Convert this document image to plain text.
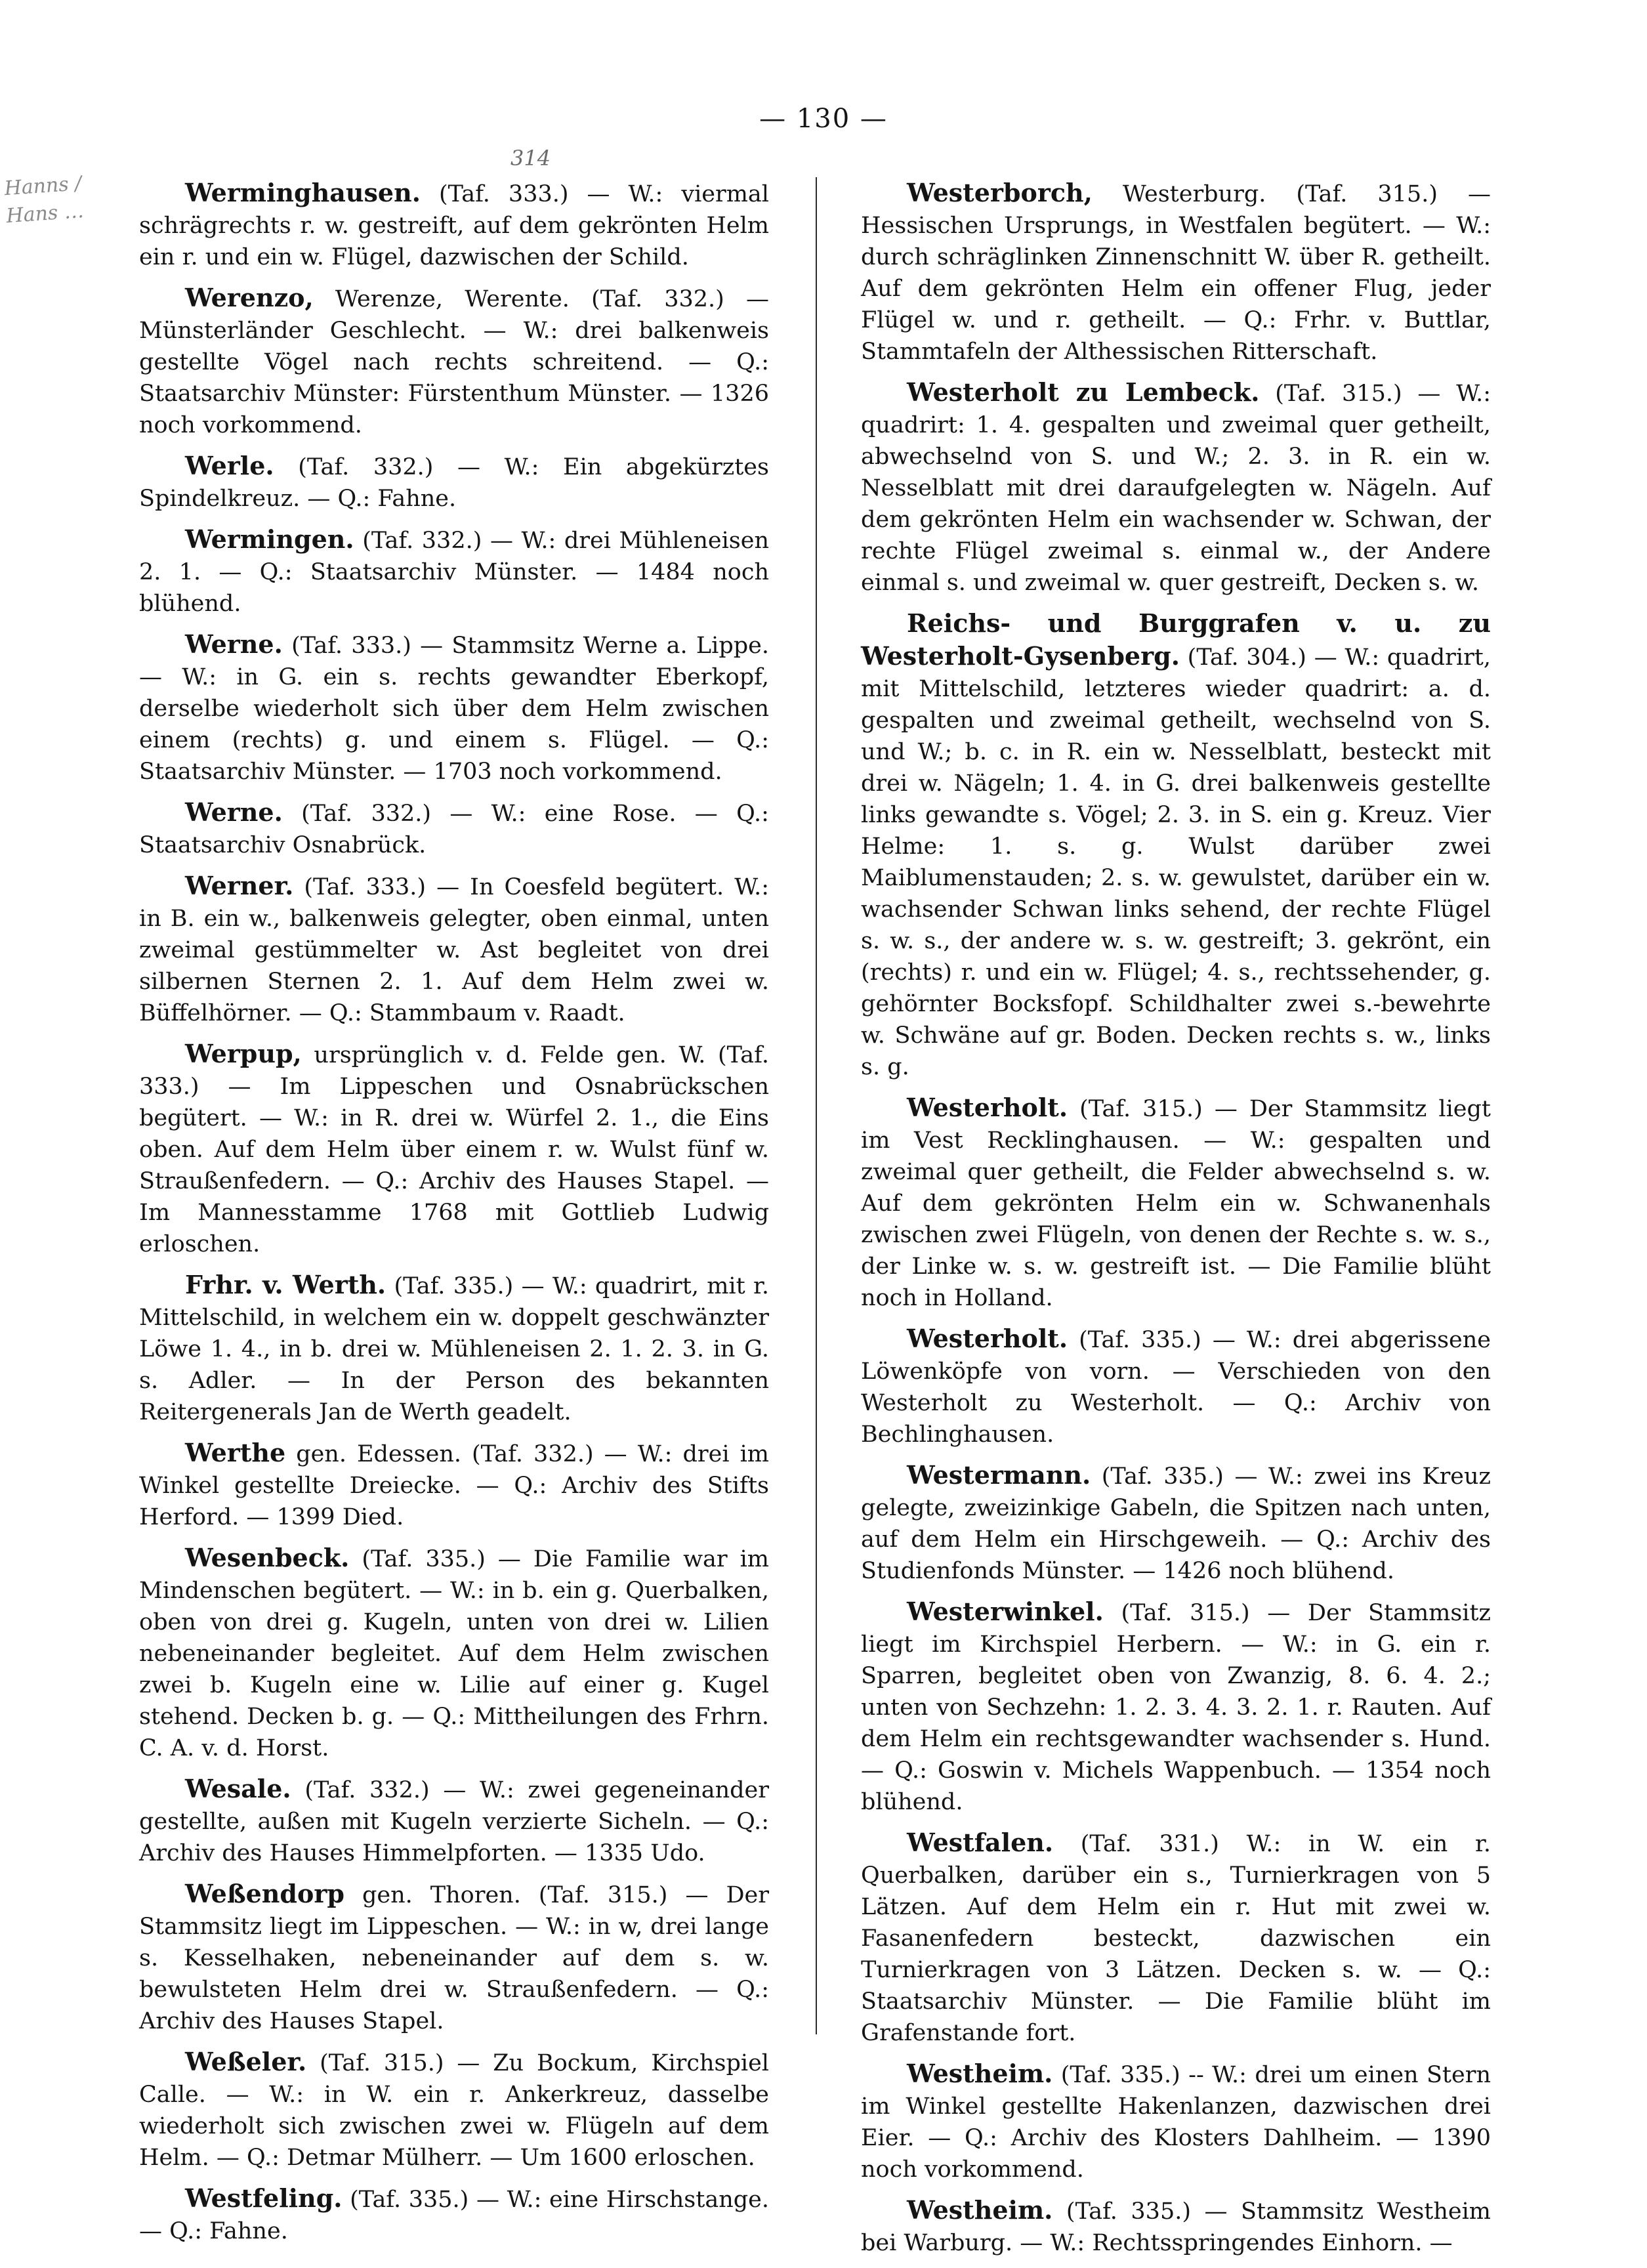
— 130 —
Hanns / Hans …
314

Werminghausen. (Taf. 333.) — W.: viermal schrägrechts r. w. gestreift, auf dem gekrönten Helm ein r. und ein w. Flügel, dazwischen der Schild.

Werenzo, Werenze, Werente. (Taf. 332.) — Münsterländer Geschlecht. — W.: drei balkenweis gestellte Vögel nach rechts schreitend. — Q.: Staatsarchiv Münster: Fürstenthum Münster. — 1326 noch vorkommend.

Werle. (Taf. 332.) — W.: Ein abgekürztes Spindelkreuz. — Q.: Fahne.

Wermingen. (Taf. 332.) — W.: drei Mühleneisen 2. 1. — Q.: Staatsarchiv Münster. — 1484 noch blühend.

Werne. (Taf. 333.) — Stammsitz Werne a. Lippe. — W.: in G. ein s. rechts gewandter Eberkopf, derselbe wiederholt sich über dem Helm zwischen einem (rechts) g. und einem s. Flügel. — Q.: Staatsarchiv Münster. — 1703 noch vorkommend.

Werne. (Taf. 332.) — W.: eine Rose. — Q.: Staatsarchiv Osnabrück.

Werner. (Taf. 333.) — In Coesfeld begütert. W.: in B. ein w., balkenweis gelegter, oben einmal, unten zweimal gestümmelter w. Ast begleitet von drei silbernen Sternen 2. 1. Auf dem Helm zwei w. Büffelhörner. — Q.: Stammbaum v. Raadt.

Werpup, ursprünglich v. d. Felde gen. W. (Taf. 333.) — Im Lippeschen und Osnabrückschen begütert. — W.: in R. drei w. Würfel 2. 1., die Eins oben. Auf dem Helm über einem r. w. Wulst fünf w. Straußenfedern. — Q.: Archiv des Hauses Stapel. — Im Mannesstamme 1768 mit Gottlieb Ludwig erloschen.

Frhr. v. Werth. (Taf. 335.) — W.: quadrirt, mit r. Mittelschild, in welchem ein w. doppelt geschwänzter Löwe 1. 4., in b. drei w. Mühleneisen 2. 1. 2. 3. in G. s. Adler. — In der Person des bekannten Reitergenerals Jan de Werth geadelt.

Werthe gen. Edessen. (Taf. 332.) — W.: drei im Winkel gestellte Dreiecke. — Q.: Archiv des Stifts Herford. — 1399 Died.

Wesenbeck. (Taf. 335.) — Die Familie war im Mindenschen begütert. — W.: in b. ein g. Querbalken, oben von drei g. Kugeln, unten von drei w. Lilien nebeneinander begleitet. Auf dem Helm zwischen zwei b. Kugeln eine w. Lilie auf einer g. Kugel stehend. Decken b. g. — Q.: Mittheilungen des Frhrn. C. A. v. d. Horst.

Wesale. (Taf. 332.) — W.: zwei gegeneinander gestellte, außen mit Kugeln verzierte Sicheln. — Q.: Archiv des Hauses Himmelpforten. — 1335 Udo.

Weßendorp gen. Thoren. (Taf. 315.) — Der Stammsitz liegt im Lippeschen. — W.: in w, drei lange s. Kesselhaken, nebeneinander auf dem s. w. bewulsteten Helm drei w. Straußenfedern. — Q.: Archiv des Hauses Stapel.

Weßeler. (Taf. 315.) — Zu Bockum, Kirchspiel Calle. — W.: in W. ein r. Ankerkreuz, dasselbe wiederholt sich zwischen zwei w. Flügeln auf dem Helm. — Q.: Detmar Mülherr. — Um 1600 erloschen.

Westfeling. (Taf. 335.) — W.: eine Hirschstange. — Q.: Fahne.

Westerborch, Westerburg. (Taf. 315.) — Hessischen Ursprungs, in Westfalen begütert. — W.: durch schräglinken Zinnenschnitt W. über R. getheilt. Auf dem gekrönten Helm ein offener Flug, jeder Flügel w. und r. getheilt. — Q.: Frhr. v. Buttlar, Stammtafeln der Althessischen Ritterschaft.

Westerholt zu Lembeck. (Taf. 315.) — W.: quadrirt: 1. 4. gespalten und zweimal quer getheilt, abwechselnd von S. und W.; 2. 3. in R. ein w. Nesselblatt mit drei daraufgelegten w. Nägeln. Auf dem gekrönten Helm ein wachsender w. Schwan, der rechte Flügel zweimal s. einmal w., der Andere einmal s. und zweimal w. quer gestreift, Decken s. w.

Reichs- und Burggrafen v. u. zu Westerholt-Gysenberg. (Taf. 304.) — W.: quadrirt, mit Mittelschild, letzteres wieder quadrirt: a. d. gespalten und zweimal getheilt, wechselnd von S. und W.; b. c. in R. ein w. Nesselblatt, besteckt mit drei w. Nägeln; 1. 4. in G. drei balkenweis gestellte links gewandte s. Vögel; 2. 3. in S. ein g. Kreuz. Vier Helme: 1. s. g. Wulst darüber zwei Maiblumenstauden; 2. s. w. gewulstet, darüber ein w. wachsender Schwan links sehend, der rechte Flügel s. w. s., der andere w. s. w. gestreift; 3. gekrönt, ein (rechts) r. und ein w. Flügel; 4. s., rechtssehender, g. gehörnter Bocksfopf. Schildhalter zwei s.-bewehrte w. Schwäne auf gr. Boden. Decken rechts s. w., links s. g.

Westerholt. (Taf. 315.) — Der Stammsitz liegt im Vest Recklinghausen. — W.: gespalten und zweimal quer getheilt, die Felder abwechselnd s. w. Auf dem gekrönten Helm ein w. Schwanenhals zwischen zwei Flügeln, von denen der Rechte s. w. s., der Linke w. s. w. gestreift ist. — Die Familie blüht noch in Holland.

Westerholt. (Taf. 335.) — W.: drei abgerissene Löwenköpfe von vorn. — Verschieden von den Westerholt zu Westerholt. — Q.: Archiv von Bechlinghausen.

Westermann. (Taf. 335.) — W.: zwei ins Kreuz gelegte, zweizinkige Gabeln, die Spitzen nach unten, auf dem Helm ein Hirschgeweih. — Q.: Archiv des Studienfonds Münster. — 1426 noch blühend.

Westerwinkel. (Taf. 315.) — Der Stammsitz liegt im Kirchspiel Herbern. — W.: in G. ein r. Sparren, begleitet oben von Zwanzig, 8. 6. 4. 2.; unten von Sechzehn: 1. 2. 3. 4. 3. 2. 1. r. Rauten. Auf dem Helm ein rechtsgewandter wachsender s. Hund. — Q.: Goswin v. Michels Wappenbuch. — 1354 noch blühend.

Westfalen. (Taf. 331.) W.: in W. ein r. Querbalken, darüber ein s., Turnierkragen von 5 Lätzen. Auf dem Helm ein r. Hut mit zwei w. Fasanenfedern besteckt, dazwischen ein Turnierkragen von 3 Lätzen. Decken s. w. — Q.: Staatsarchiv Münster. — Die Familie blüht im Grafenstande fort.

Westheim. (Taf. 335.) -- W.: drei um einen Stern im Winkel gestellte Hakenlanzen, dazwischen drei Eier. — Q.: Archiv des Klosters Dahlheim. — 1390 noch vorkommend.

Westheim. (Taf. 335.) — Stammsitz Westheim bei Warburg. — W.: Rechtsspringendes Einhorn. —
